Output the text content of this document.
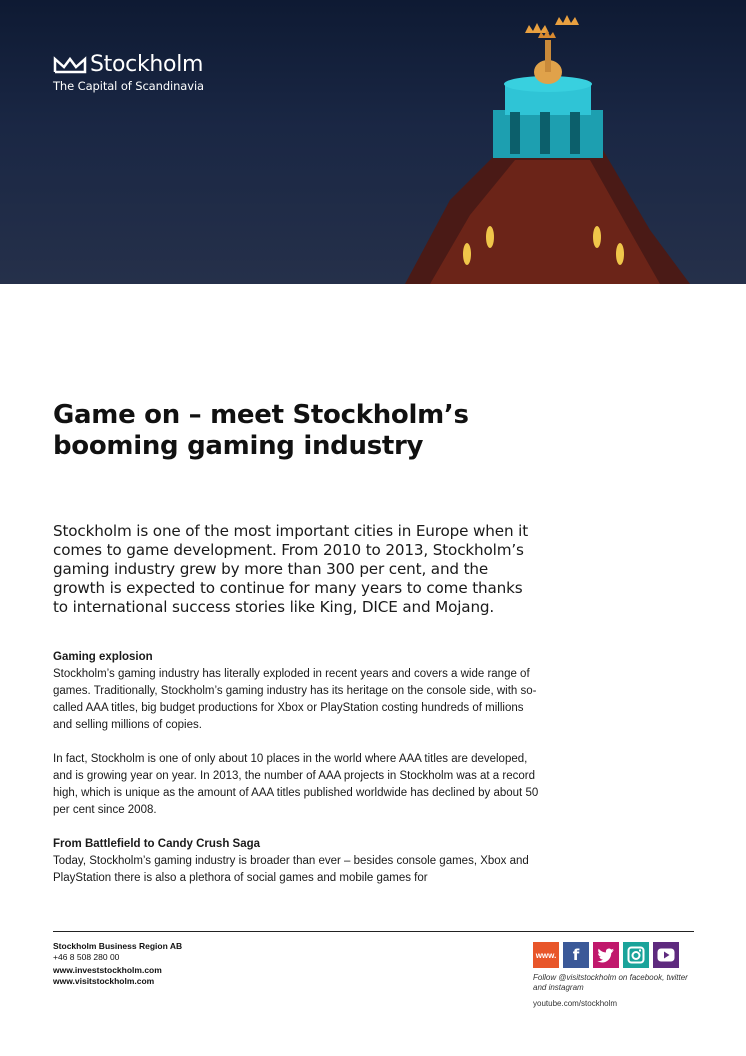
Stockholm
The Capital of Scandinavia
Game on – meet Stockholm’s
booming gaming industry

Stockholm is one of the most important cities in Europe when it comes to game development. From 2010 to 2013, Stockholm’s gaming industry grew by more than 300 per cent, and the growth is expected to continue for many years to come thanks to international success stories like King, DICE and Mojang.

Gaming explosion

Stockholm’s gaming industry has literally exploded in recent years and covers a wide range of games. Traditionally, Stockholm’s gaming industry has its heritage on the console side, with so-called AAA titles, big budget productions for Xbox or PlayStation costing hundreds of millions and selling millions of copies.

In fact, Stockholm is one of only about 10 places in the world where AAA titles are developed, and is growing year on year. In 2013, the number of AAA projects in Stockholm was at a record high, which is unique as the amount of AAA titles published worldwide has declined by about 50 per cent since 2008.

From Battlefield to Candy Crush Saga

Today, Stockholm’s gaming industry is broader than ever – besides console games, Xbox and PlayStation there is also a plethora of social games and mobile games for

Stockholm Business Region AB
+46 8 508 280 00
www.investstockholm.com
www.visitstockholm.com
www.	f
Follow @visitstockholm on facebook, twitter and instagram
youtube.com/stockholm
